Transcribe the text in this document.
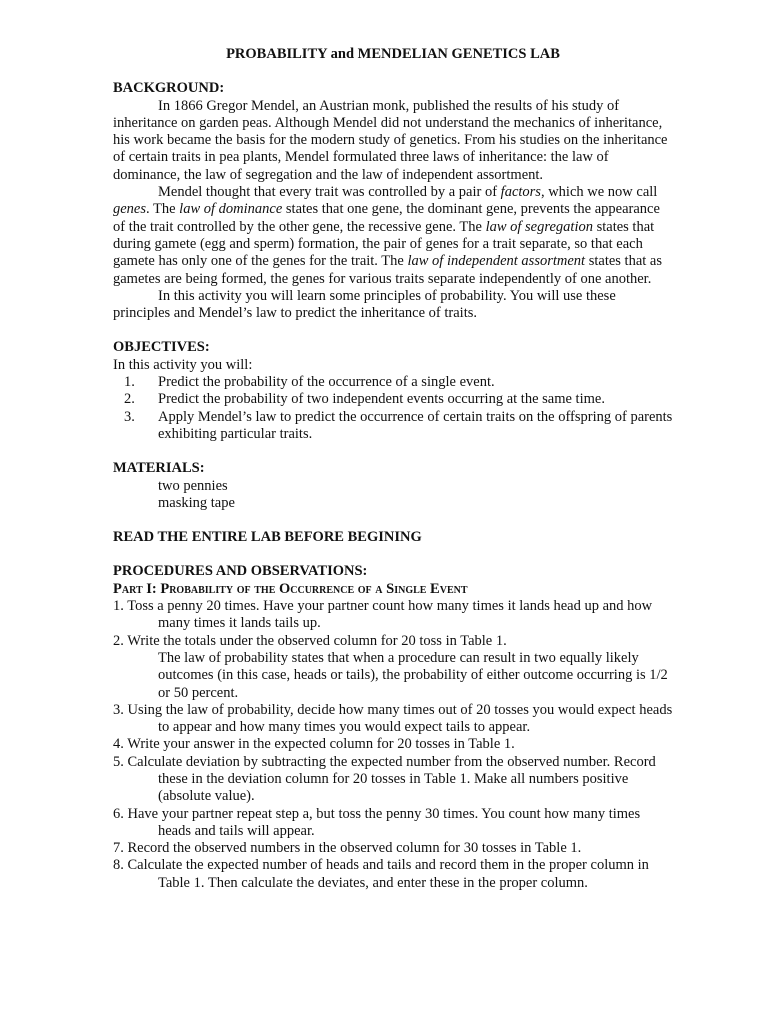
PROBABILITY and MENDELIAN GENETICS LAB

BACKGROUND:

In 1866 Gregor Mendel, an Austrian monk, published the results of his study of inheritance on garden peas. Although Mendel did not understand the mechanics of inheritance, his work became the basis for the modern study of genetics. From his studies on the inheritance of certain traits in pea plants, Mendel formulated three laws of inheritance: the law of dominance, the law of segregation and the law of independent assortment.

Mendel thought that every trait was controlled by a pair of factors, which we now call genes. The law of dominance states that one gene, the dominant gene, prevents the appearance of the trait controlled by the other gene, the recessive gene. The law of segregation states that during gamete (egg and sperm) formation, the pair of genes for a trait separate, so that each gamete has only one of the genes for the trait. The law of independent assortment states that as gametes are being formed, the genes for various traits separate independently of one another.

In this activity you will learn some principles of probability. You will use these principles and Mendel’s law to predict the inheritance of traits.

OBJECTIVES:

In this activity you will:

1. Predict the probability of the occurrence of a single event.
2. Predict the probability of two independent events occurring at the same time.
3. Apply Mendel’s law to predict the occurrence of certain traits on the offspring of parents exhibiting particular traits.

MATERIALS:

two pennies

masking tape

READ THE ENTIRE LAB BEFORE BEGINING

PROCEDURES AND OBSERVATIONS:

Part I: Probability of the Occurrence of a Single Event

1. Toss a penny 20 times. Have your partner count how many times it lands head up and how many times it lands tails up.

2. Write the totals under the observed column for 20 toss in Table 1.

The law of probability states that when a procedure can result in two equally likely outcomes (in this case, heads or tails), the probability of either outcome occurring is 1/2 or 50 percent.

3. Using the law of probability, decide how many times out of 20 tosses you would expect heads to appear and how many times you would expect tails to appear.

4. Write your answer in the expected column for 20 tosses in Table 1.

5. Calculate deviation by subtracting the expected number from the observed number. Record these in the deviation column for 20 tosses in Table 1. Make all numbers positive (absolute value).

6. Have your partner repeat step a, but toss the penny 30 times. You count how many times heads and tails will appear.

7. Record the observed numbers in the observed column for 30 tosses in Table 1.

8. Calculate the expected number of heads and tails and record them in the proper column in Table 1. Then calculate the deviates, and enter these in the proper column.
